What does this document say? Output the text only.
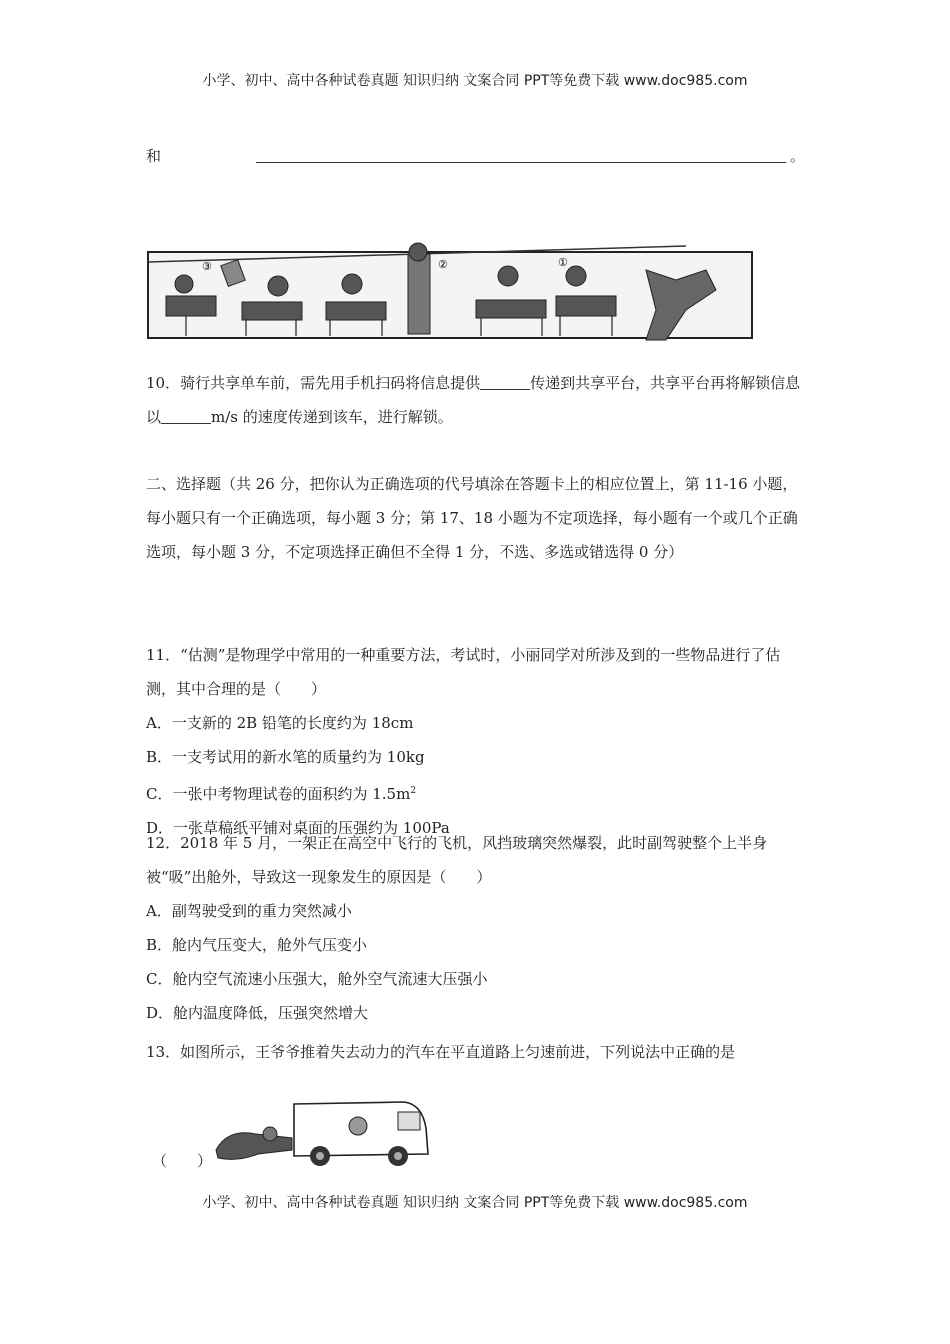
小学、初中、高中各种试卷真题 知识归纳 文案合同 PPT等免费下载 www.doc985.com
和	。
③	②	①

10．骑行共享单车前，需先用手机扫码将信息提供	传递到共享平台，共享平台再将解锁信息以	m/s 的速度传递到该车，进行解锁。

二、选择题（共 26 分，把你认为正确选项的代号填涂在答题卡上的相应位置上，第 11-16 小题，每小题只有一个正确选项，每小题 3 分；第 17、18 小题为不定项选择，每小题有一个或几个正确选项，每小题 3 分，不定项选择正确但不全得 1 分，不选、多选或错选得 0 分）

11．“估测”是物理学中常用的一种重要方法，考试时，小丽同学对所涉及到的一些物品进行了估测，其中合理的是（　　）
A．一支新的 2B 铅笔的长度约为 18cm
B．一支考试用的新水笔的质量约为 10kg
C．一张中考物理试卷的面积约为 $1.5m^2$
D．一张草稿纸平铺对桌面的压强约为 100Pa
12．2018 年 5 月，一架正在高空中飞行的飞机，风挡玻璃突然爆裂，此时副驾驶整个上半身被“吸”出舱外，导致这一现象发生的原因是（　　）
A．副驾驶受到的重力突然减小
B．舱内气压变大，舱外气压变小
C．舱内空气流速小压强大，舱外空气流速大压强小
D．舱内温度降低，压强突然增大
13．如图所示，王爷爷推着失去动力的汽车在平直道路上匀速前进，下列说法中正确的是
（　　）
小学、初中、高中各种试卷真题 知识归纳 文案合同 PPT等免费下载 www.doc985.com
